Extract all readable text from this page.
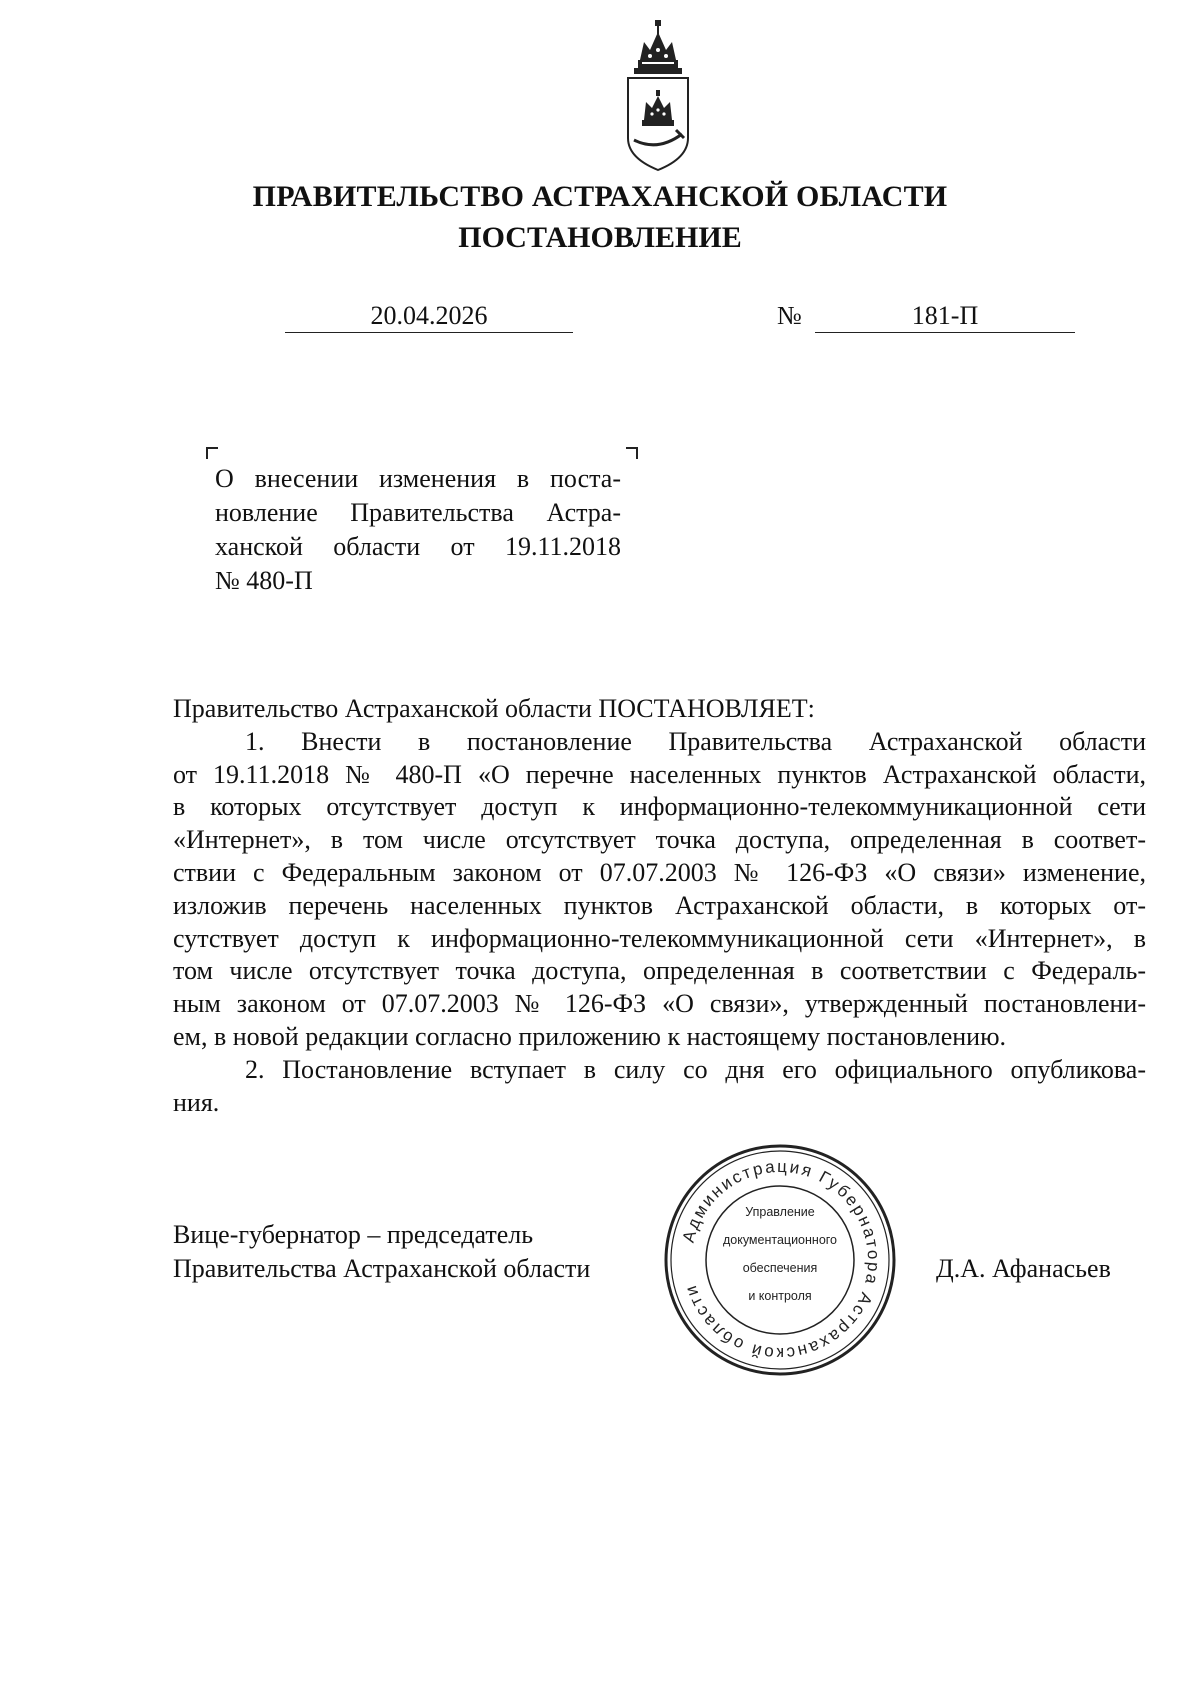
ПРАВИТЕЛЬСТВО АСТРАХАНСКОЙ ОБЛАСТИ
ПОСТАНОВЛЕНИЕ
20.04.2026	№	181-П
О внесении изменения в поста-
новление Правительства Астра-
ханской области от 19.11.2018
№ 480-П
Правительство Астраханской области ПОСТАНОВЛЯЕТ:
1. Внести в постановление Правительства Астраханской области
от 19.11.2018 № 480-П «О перечне населенных пунктов Астраханской области,
в которых отсутствует доступ к информационно-телекоммуникационной сети
«Интернет», в том числе отсутствует точка доступа, определенная в соответ-
ствии с Федеральным законом от 07.07.2003 № 126-ФЗ «О связи» изменение,
изложив перечень населенных пунктов Астраханской области, в которых от-
сутствует доступ к информационно-телекоммуникационной сети «Интернет», в
том числе отсутствует точка доступа, определенная в соответствии с Федераль-
ным законом от 07.07.2003 № 126-ФЗ «О связи», утвержденный постановлени-
ем, в новой редакции согласно приложению к настоящему постановлению.
2. Постановление вступает в силу со дня его официального опубликова-
ния.
Вице-губернатор – председатель
Правительства Астраханской области
Администрация Губернатора Астраханской области
Управление
документационного
обеспечения
и контроля
Д.А. Афанасьев
